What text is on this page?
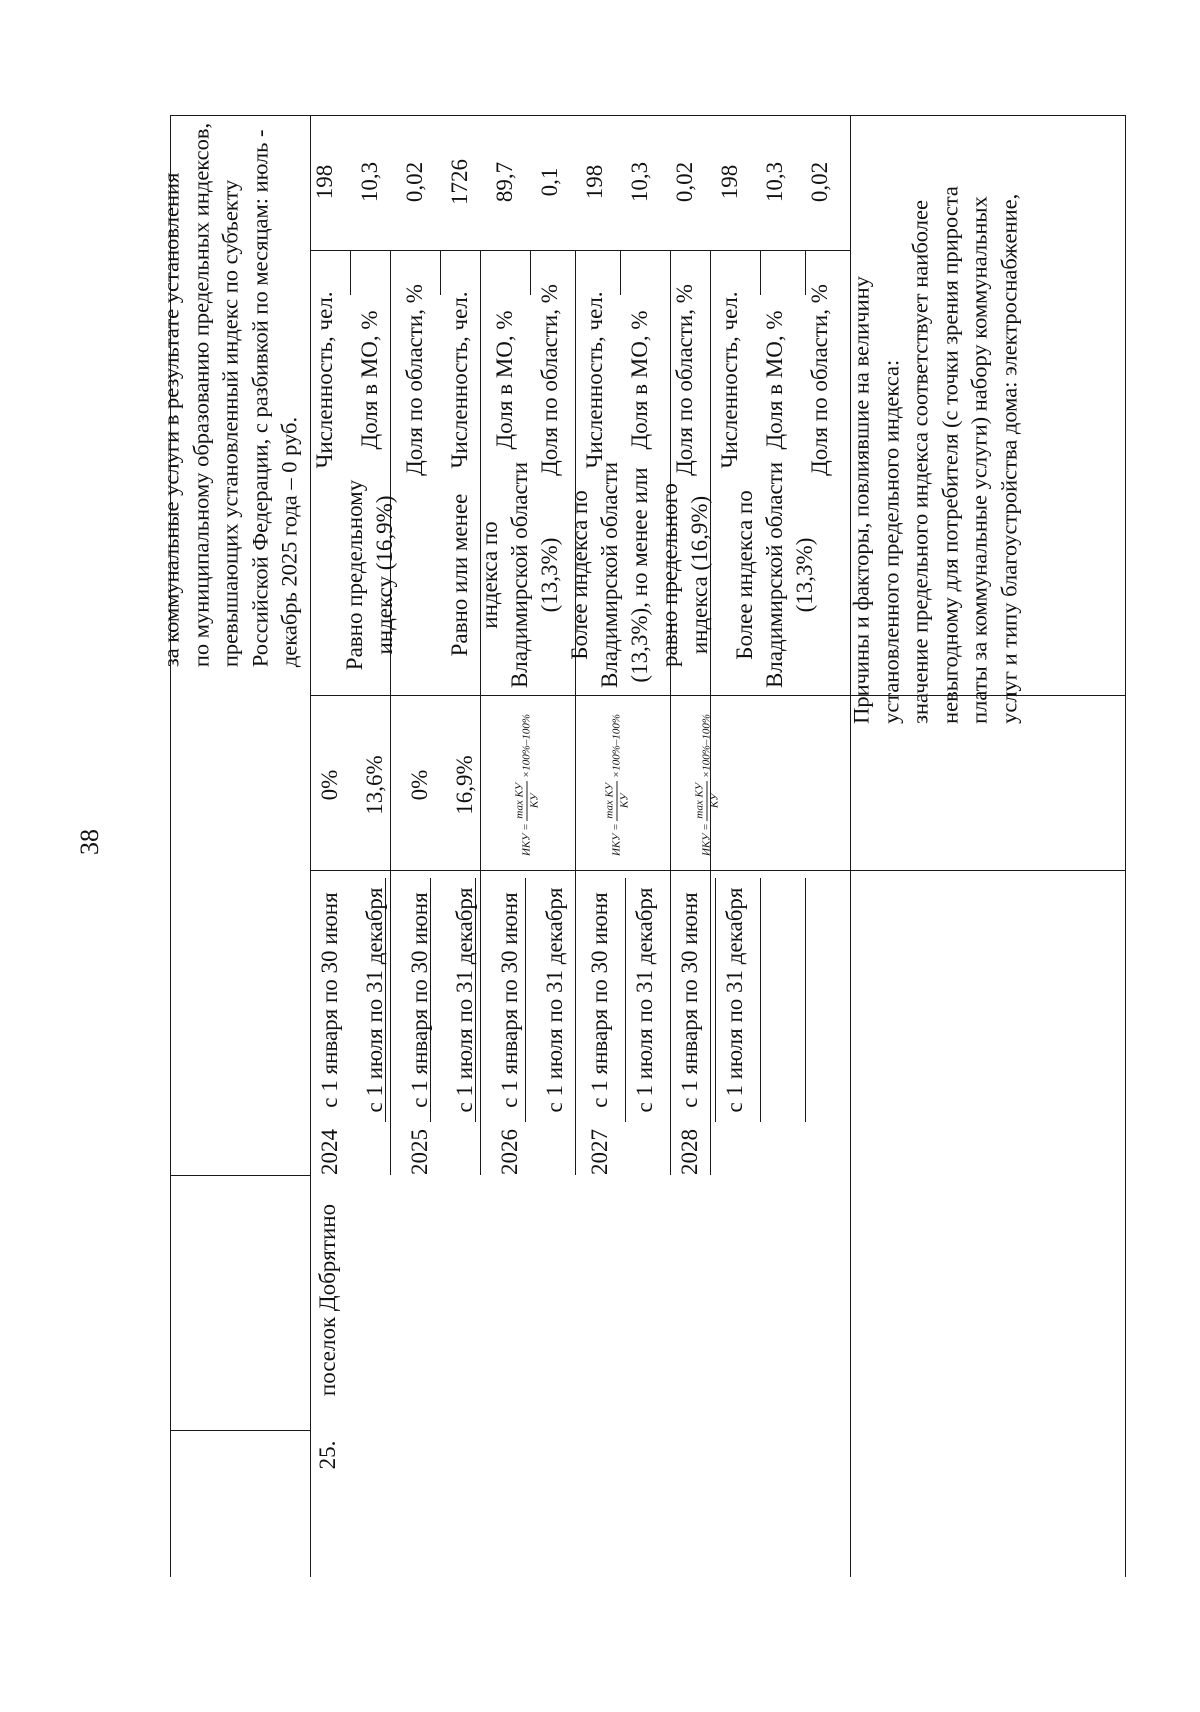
38
за коммунальные услуги в результате установления по муниципальному образованию предельных индексов, превышающих установленный индекс по субъекту Российской Федерации, с разбивкой по месяцам: июль - декабрь 2025 года – 0 руб.
25.
поселок Добрятино
2024
с 1 января по 30 июня
0%
с 1 июля по 31 декабря
13,6%
2025
с 1 января по 30 июня
0%
с 1 июля по 31 декабря
16,9%
2026
с 1 января по 30 июня с 1 июля по 31 декабря
2027
с 1 января по 30 июня с 1 июля по 31 декабря
2028
с 1 января по 30 июня с 1 июля по 31 декабря
ИКУ =
max КУ КУ
×100%–100%
ИКУ =
max КУ КУ
×100%–100%
ИКУ =
max КУ КУ
×100%–100%
Равно предельному индексу (16,9%)
Численность, чел.
198
Доля в МО, %
10,3
Доля по области, %
0,02
Равно или менее индекса по Владимирской области (13,3%)
Численность, чел.
1726
Доля в МО, %
89,7
Доля по области, %
0,1
Более индекса по Владимирской области (13,3%), но менее или равно предельного индекса (16,9%)
Численность, чел.
198
Доля в МО, %
10,3
Доля по области, %
0,02
Более индекса по Владимирской области (13,3%)
Численность, чел.
198
Доля в МО, %
10,3
Доля по области, %
0,02
Причины и факторы, повлиявшие на величину установленного предельного индекса: значение предельного индекса соответствует наиболее невыгодному для потребителя (с точки зрения прироста платы за коммунальные услуги) набору коммунальных услуг и типу благоустройства дома: электроснабжение,
